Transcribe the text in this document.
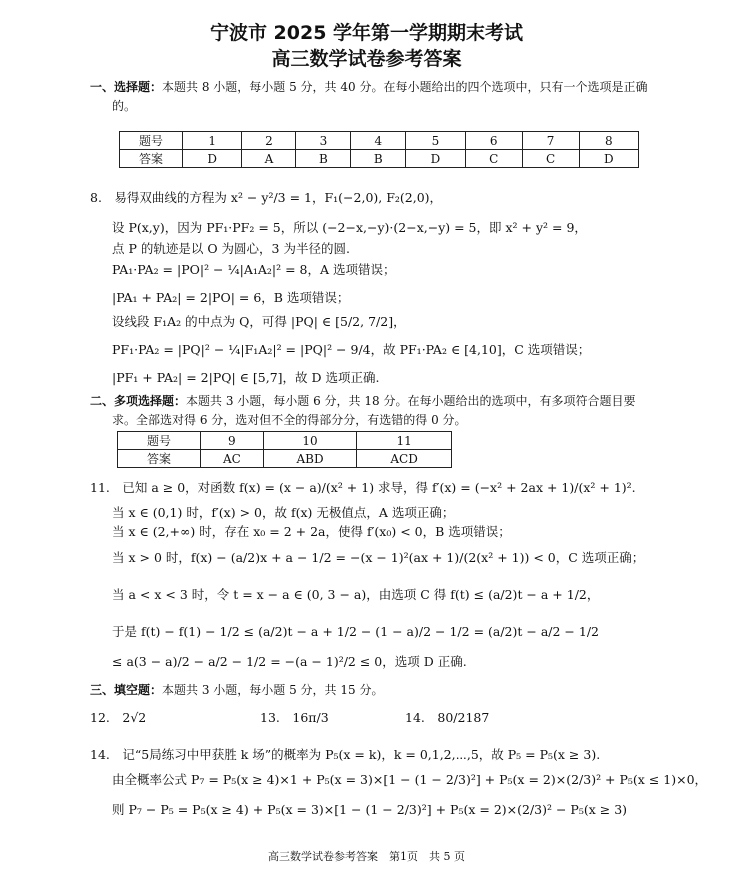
宁波市 2025 学年第一学期期末考试
高三数学试卷参考答案
一、选择题：本题共 8 小题，每小题 5 分，共 40 分。在每小题给出的四个选项中，只有一个选项是正确
的。
题号	1	2	3	4	5	6	7	8
答案	D	A	B	B	D	C	C	D
8.　易得双曲线的方程为 x² − y²/3 = 1，F₁(−2,0), F₂(2,0)，
设 P(x,y)，因为 PF₁·PF₂ = 5，所以 (−2−x,−y)·(2−x,−y) = 5，即 x² + y² = 9，
点 P 的轨迹是以 O 为圆心，3 为半径的圆.
PA₁·PA₂ = |PO|² − ¼|A₁A₂|² = 8，A 选项错误；
|PA₁ + PA₂| = 2|PO| = 6，B 选项错误；
设线段 F₁A₂ 的中点为 Q，可得 |PQ| ∈ [5/2, 7/2]，
PF₁·PA₂ = |PQ|² − ¼|F₁A₂|² = |PQ|² − 9/4，故 PF₁·PA₂ ∈ [4,10]，C 选项错误；
|PF₁ + PA₂| = 2|PQ| ∈ [5,7]，故 D 选项正确.
二、多项选择题：本题共 3 小题，每小题 6 分，共 18 分。在每小题给出的选项中，有多项符合题目要
求。全部选对得 6 分，选对但不全的得部分分，有选错的得 0 分。
题号	9	10	11
答案	AC	ABD	ACD
11.　已知 a ≥ 0，对函数 f(x) = (x − a)/(x² + 1) 求导，得 f′(x) = (−x² + 2ax + 1)/(x² + 1)².
当 x ∈ (0,1) 时，f′(x) > 0，故 f(x) 无极值点，A 选项正确；
当 x ∈ (2,+∞) 时，存在 x₀ = 2 + 2a，使得 f′(x₀) < 0，B 选项错误；
当 x > 0 时，f(x) − (a/2)x + a − 1/2 = −(x − 1)²(ax + 1)/(2(x² + 1)) < 0，C 选项正确；
当 a < x < 3 时，令 t = x − a ∈ (0, 3 − a)，由选项 C 得 f(t) ≤ (a/2)t − a + 1/2，
于是 f(t) − f(1) − 1/2 ≤ (a/2)t − a + 1/2 − (1 − a)/2 − 1/2 = (a/2)t − a/2 − 1/2
≤ a(3 − a)/2 − a/2 − 1/2 = −(a − 1)²/2 ≤ 0，选项 D 正确.
三、填空题：本题共 3 小题，每小题 5 分，共 15 分。
12.　2√2	13.　16π/3	14.　80/2187
14.　记“5局练习中甲获胜 k 场”的概率为 P₅(x = k)，k = 0,1,2,⋯,5，故 P₅ = P₅(x ≥ 3).
由全概率公式 P₇ = P₅(x ≥ 4)×1 + P₅(x = 3)×[1 − (1 − 2/3)²] + P₅(x = 2)×(2/3)² + P₅(x ≤ 1)×0，
则 P₇ − P₅ = P₅(x ≥ 4) + P₅(x = 3)×[1 − (1 − 2/3)²] + P₅(x = 2)×(2/3)² − P₅(x ≥ 3)
高三数学试卷参考答案　第1页　共 5 页
